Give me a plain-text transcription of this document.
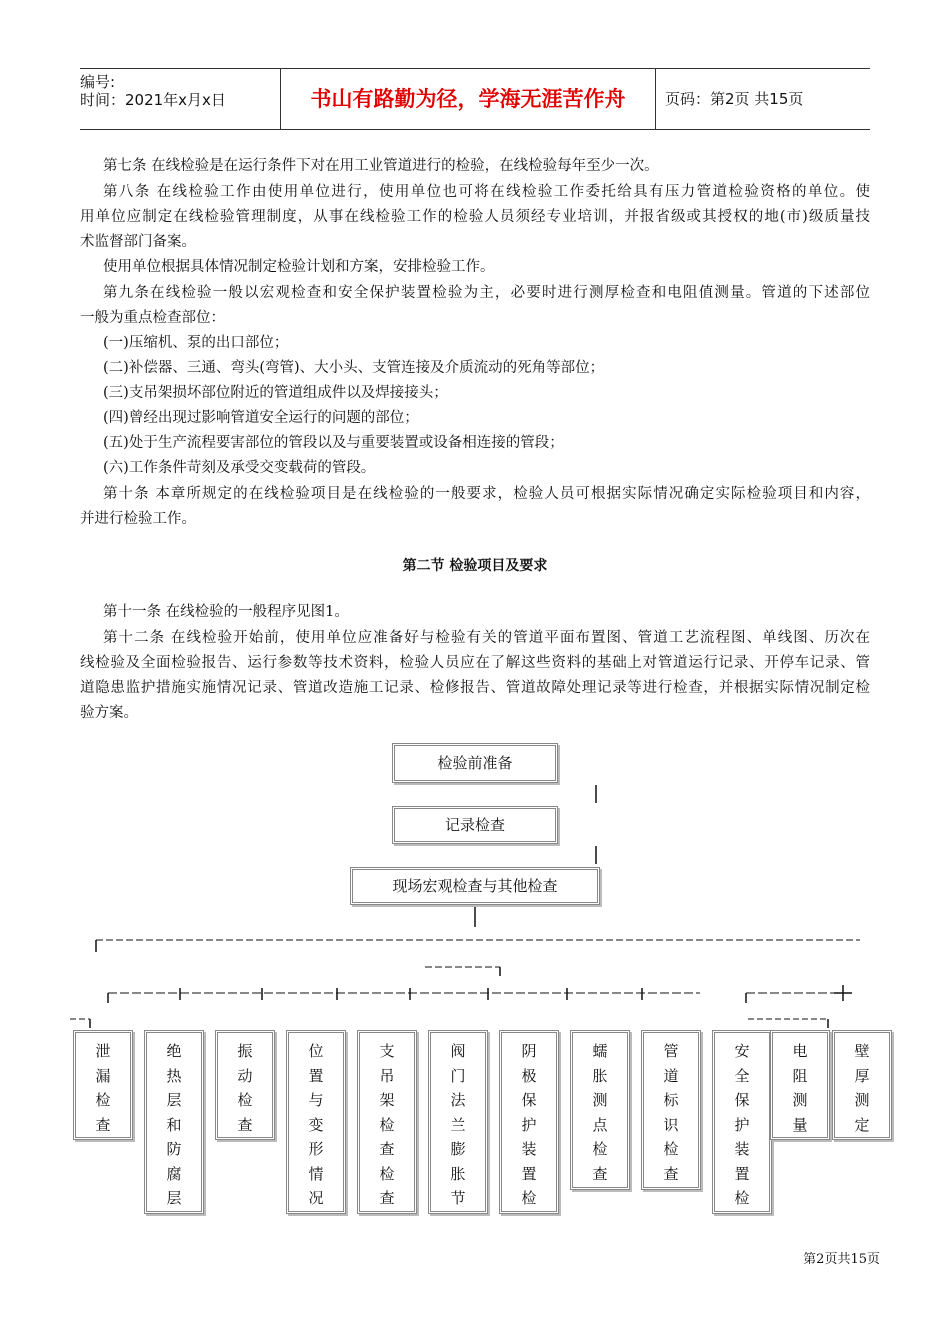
编号:
时间：2021年x月x日	书山有路勤为径，学海无涯苦作舟	页码：第2页 共15页
第七条 在线检验是在运行条件下对在用工业管道进行的检验，在线检验每年至少一次。
第八条 在线检验工作由使用单位进行，使用单位也可将在线检验工作委托给具有压力管道检验资格的单位。使
用单位应制定在线检验管理制度，从事在线检验工作的检验人员须经专业培训，并报省级或其授权的地(市)级质量技
术监督部门备案。
使用单位根据具体情况制定检验计划和方案，安排检验工作。
第九条在线检验一般以宏观检查和安全保护装置检验为主，必要时进行测厚检查和电阻值测量。管道的下述部位
一般为重点检查部位：
(一)压缩机、泵的出口部位；
(二)补偿器、三通、弯头(弯管)、大小头、支管连接及介质流动的死角等部位；
(三)支吊架损坏部位附近的管道组成件以及焊接接头；
(四)曾经出现过影响管道安全运行的问题的部位；
(五)处于生产流程要害部位的管段以及与重要装置或设备相连接的管段；
(六)工作条件苛刻及承受交变载荷的管段。
第十条 本章所规定的在线检验项目是在线检验的一般要求，检验人员可根据实际情况确定实际检验项目和内容，
并进行检验工作。
第二节 检验项目及要求
第十一条 在线检验的一般程序见图1。
第十二条 在线检验开始前，使用单位应准备好与检验有关的管道平面布置图、管道工艺流程图、单线图、历次在
线检验及全面检验报告、运行参数等技术资料，检验人员应在了解这些资料的基础上对管道运行记录、开停车记录、管
道隐患监护措施实施情况记录、管道改造施工记录、检修报告、管道故障处理记录等进行检查，并根据实际情况制定检
验方案。
检验前准备
记录检查
现场宏观检查与其他检查
泄漏检查
绝热层和防腐层
振动检查
位置与变形情况
支吊架检查检查
阀门法兰膨胀节
阴极保护装置检
蠕胀测点检查
管道标识检查
安全保护装置检
电阻测量
壁厚测定
第2页共15页
